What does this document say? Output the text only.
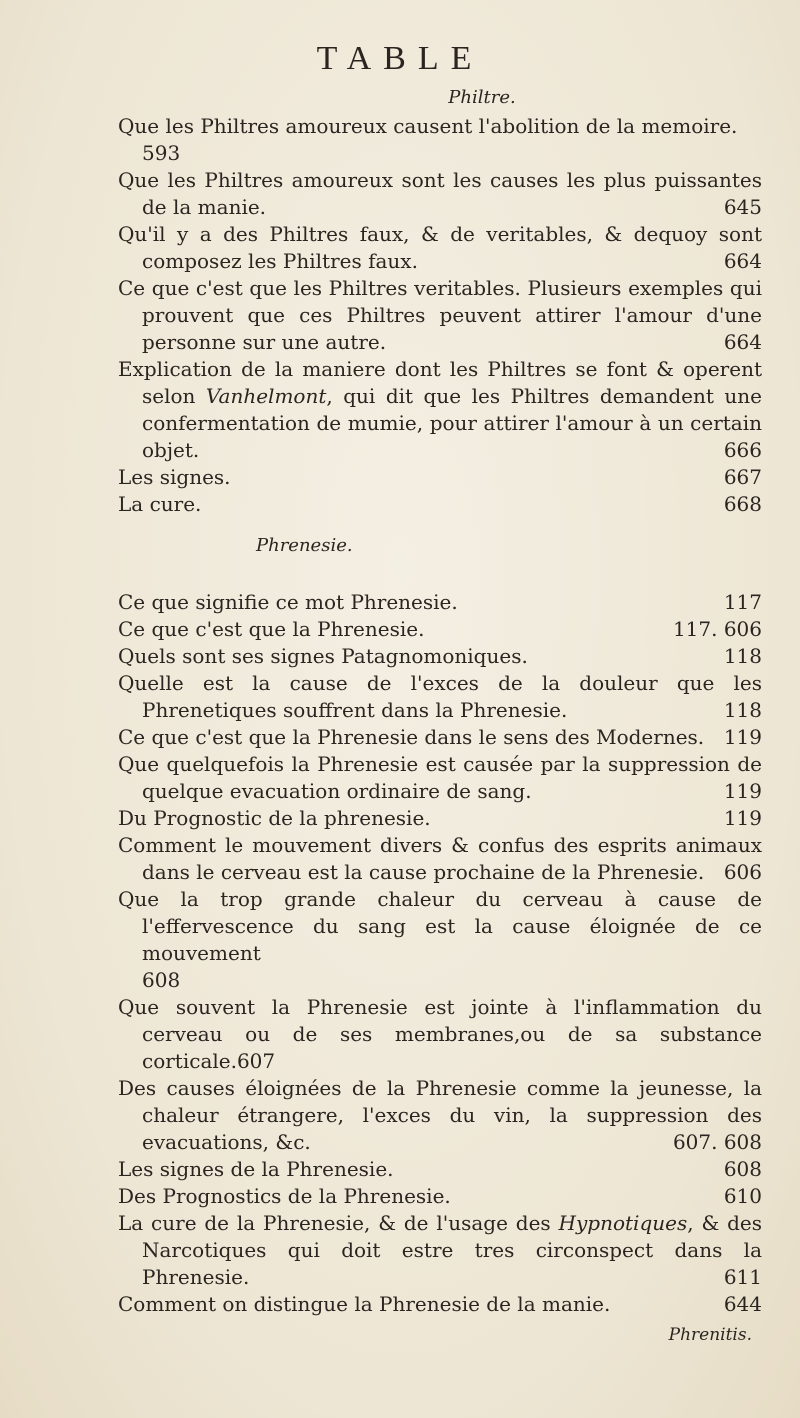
TABLE
Philtre.
Que les Philtres amoureux causent l'abolition de la memoire.
593
Que les Philtres amoureux sont les causes les plus puissantes de la manie.	645
Qu'il y a des Philtres faux, & de veritables, & dequoy sont composez les Philtres faux.	664
Ce que c'est que les Philtres veritables. Plusieurs exemples qui prouvent que ces Philtres peuvent attirer l'amour d'une personne sur une autre.	664
Explication de la maniere dont les Philtres se font & operent selon Vanhelmont, qui dit que les Philtres demandent une confermentation de mumie, pour attirer l'amour à un certain objet.	666
Les signes.	667
La cure.	668
Phrenesie.
Ce que signifie ce mot Phrenesie.	117
Ce que c'est que la Phrenesie.	117. 606
Quels sont ses signes Patagnomoniques.	118
Quelle est la cause de l'exces de la douleur que les Phrenetiques souffrent dans la Phrenesie.	118
Ce que c'est que la Phrenesie dans le sens des Modernes. 119
Que quelquefois la Phrenesie est causée par la suppression de quelque evacuation ordinaire de sang.	119
Du Prognostic de la phrenesie.	119
Comment le mouvement divers & confus des esprits animaux dans le cerveau est la cause prochaine de la Phrenesie. 606
Que la trop grande chaleur du cerveau à cause de l'effervescence du sang est la cause éloignée de ce mouvement
608
Que souvent la Phrenesie est jointe à l'inflammation du cerveau ou de ses membranes,ou de sa substance corticale.607
Des causes éloignées de la Phrenesie comme la jeunesse, la chaleur étrangere, l'exces du vin, la suppression des evacuations, &c.	607. 608
Les signes de la Phrenesie.	608
Des Prognostics de la Phrenesie.	610
La cure de la Phrenesie, & de l'usage des Hypnotiques, & des Narcotiques qui doit estre tres circonspect dans la Phrenesie.	611
Comment on distingue la Phrenesie de la manie.	644
Phrenitis.
